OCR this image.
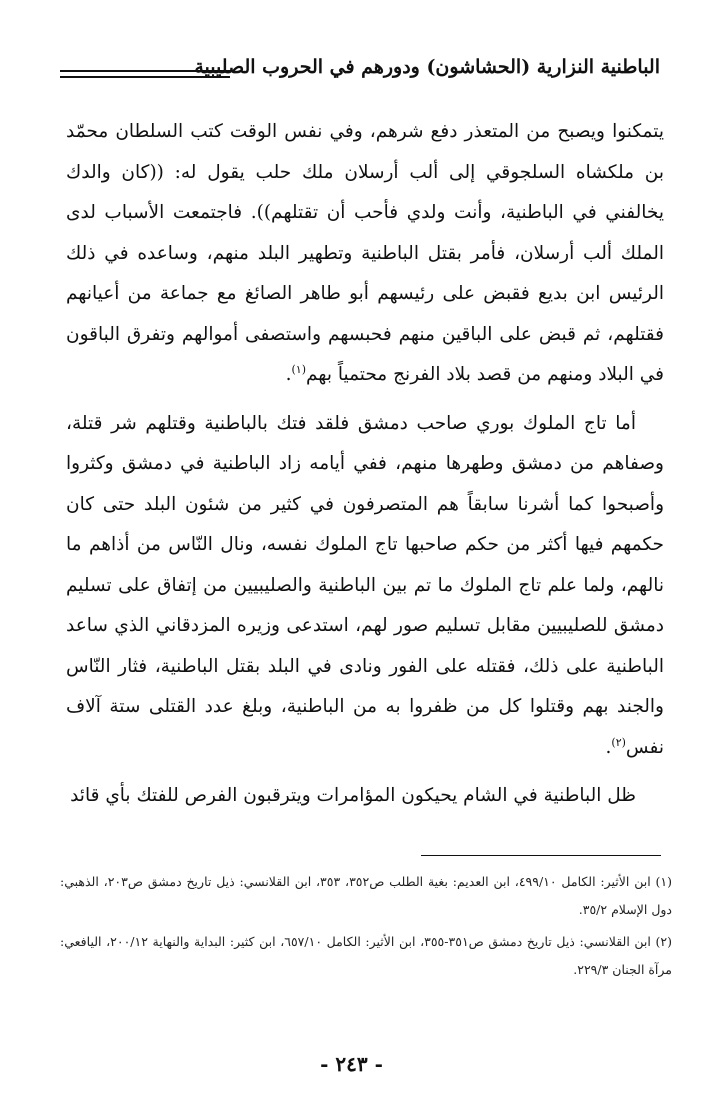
الباطنية النزارية (الحشاشون) ودورهم في الحروب الصليبية

يتمكنوا ويصبح من المتعذر دفع شرهم، وفي نفس الوقت كتب السلطان محمّد بن ملكشاه السلجوقي إلى ألب أرسلان ملك حلب يقول له: ((كان والدك يخالفني في الباطنية، وأنت ولدي فأحب أن تقتلهم)). فاجتمعت الأسباب لدى الملك ألب أرسلان، فأمر بقتل الباطنية وتطهير البلد منهم، وساعده في ذلك الرئيس ابن بديع فقبض على رئيسهم أبو طاهر الصائغ مع جماعة من أعيانهم فقتلهم، ثم قبض على الباقين منهم فحبسهم واستصفى أموالهم وتفرق الباقون في البلاد ومنهم من قصد بلاد الفرنج محتمياً بهم$^{(١)}$.

أما تاج الملوك بوري صاحب دمشق فلقد فتك بالباطنية وقتلهم شر قتلة، وصفاهم من دمشق وطهرها منهم، ففي أيامه زاد الباطنية في دمشق وكثروا وأصبحوا كما أشرنا سابقاً هم المتصرفون في كثير من شئون البلد حتى كان حكمهم فيها أكثر من حكم صاحبها تاج الملوك نفسه، ونال النّاس من أذاهم ما نالهم، ولما علم تاج الملوك ما تم بين الباطنية والصليبيين من إتفاق على تسليم دمشق للصليبيين مقابل تسليم صور لهم، استدعى وزيره المزدقاني الذي ساعد الباطنية على ذلك، فقتله على الفور ونادى في البلد بقتل الباطنية، فثار النّاس والجند بهم وقتلوا كل من ظفروا به من الباطنية، وبلغ عدد القتلى ستة آلاف نفس$^{(٢)}$.

ظل الباطنية في الشام يحيكون المؤامرات ويترقبون الفرص للفتك بأي قائد

(١) ابن الأثير: الكامل ٤٩٩/١٠، ابن العديم: بغية الطلب ص٣٥٢، ٣٥٣، ابن القلانسي: ذيل تاريخ دمشق ص٢٠٣، الذهبي: دول الإسلام ٣٥/٢.

(٢) ابن القلانسي: ذيل تاريخ دمشق ص٣٥١-٣٥٥، ابن الأثير: الكامل ٦٥٧/١٠، ابن كثير: البداية والنهاية ٢٠٠/١٢، اليافعي: مرآة الجنان ٢٢٩/٣.

- ٢٤٣ -
